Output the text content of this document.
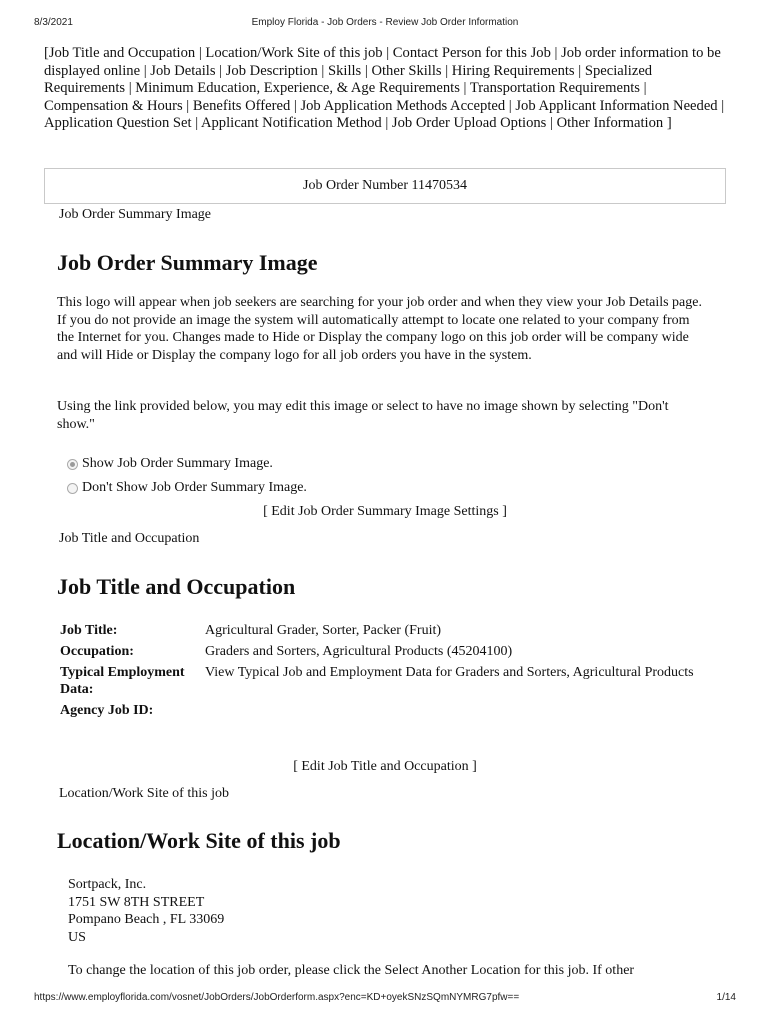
8/3/2021	Employ Florida - Job Orders - Review Job Order Information
[Job Title and Occupation | Location/Work Site of this job | Contact Person for this Job | Job order information to be displayed online | Job Details | Job Description | Skills | Other Skills | Hiring Requirements | Specialized Requirements | Minimum Education, Experience, & Age Requirements | Transportation Requirements | Compensation & Hours | Benefits Offered | Job Application Methods Accepted | Job Applicant Information Needed | Application Question Set | Applicant Notification Method | Job Order Upload Options | Other Information ]
Job Order Number 11470534
Job Order Summary Image
Job Order Summary Image

This logo will appear when job seekers are searching for your job order and when they view your Job Details page. If you do not provide an image the system will automatically attempt to locate one related to your company from the Internet for you. Changes made to Hide or Display the company logo on this job order will be company wide and will Hide or Display the company logo for all job orders you have in the system.

Using the link provided below, you may edit this image or select to have no image shown by selecting "Don't show."

Show Job Order Summary Image.
Don't Show Job Order Summary Image.
[ Edit Job Order Summary Image Settings ]
Job Title and Occupation
Job Title and Occupation
Job Title:	Agricultural Grader, Sorter, Packer (Fruit)
Occupation:	Graders and Sorters, Agricultural Products (45204100)
Typical Employment Data:
View Typical Job and Employment Data for Graders and Sorters, Agricultural Products
Agency Job ID:
[ Edit Job Title and Occupation ]
Location/Work Site of this job
Location/Work Site of this job
Sortpack, Inc.
1751 SW 8TH STREET
Pompano Beach , FL 33069
US
To change the location of this job order, please click the Select Another Location for this job. If other
https://www.employflorida.com/vosnet/JobOrders/JobOrderform.aspx?enc=KD+oyekSNzSQmNYMRG7pfw==	1/14
